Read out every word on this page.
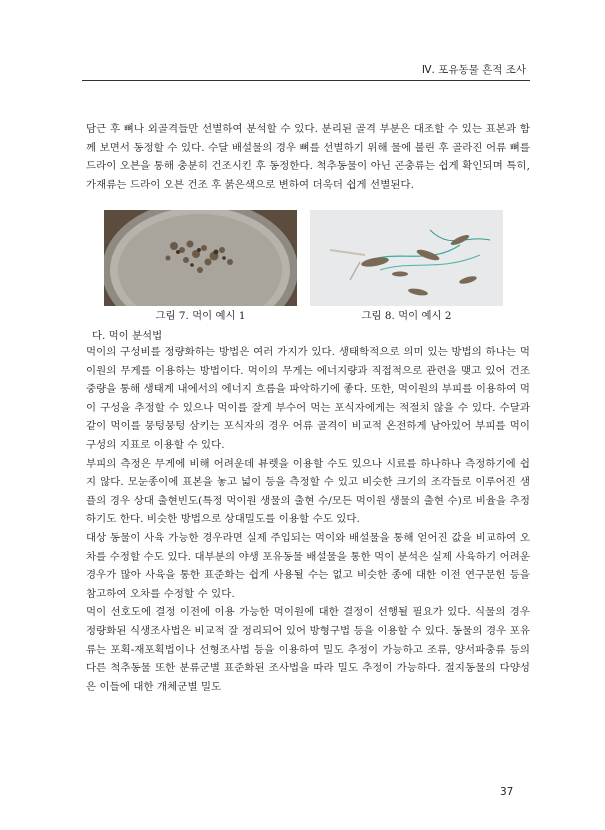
Ⅳ. 포유동물 흔적 조사

담근 후 뼈나 외골격들만 선별하여 분석할 수 있다. 분리된 골격 부분은 대조할 수 있는 표본과 함께 보면서 동정할 수 있다. 수달 배설물의 경우 뼈를 선별하기 위해 물에 불린 후 골라진 어류 뼈를 드라이 오븐을 통해 충분히 건조시킨 후 동정한다. 척추동물이 아닌 곤충류는 쉽게 확인되며 특히, 가재류는 드라이 오븐 건조 후 붉은색으로 변하여 더욱더 쉽게 선별된다.

그림 7. 먹이 예시 1	그림 8. 먹이 예시 2
다. 먹이 분석법

먹이의 구성비를 정량화하는 방법은 여러 가지가 있다. 생태학적으로 의미 있는 방법의 하나는 먹이원의 무게를 이용하는 방법이다. 먹이의 무게는 에너지량과 직접적으로 관련을 맺고 있어 건조 중량을 통해 생태계 내에서의 에너지 흐름을 파악하기에 좋다. 또한, 먹이원의 부피를 이용하여 먹이 구성을 추정할 수 있으나 먹이를 잘게 부수어 먹는 포식자에게는 적절치 않을 수 있다. 수달과 같이 먹이를 뭉텅뭉텅 삼키는 포식자의 경우 어류 골격이 비교적 온전하게 남아있어 부피를 먹이 구성의 지표로 이용할 수 있다.
부피의 측정은 무게에 비해 어려운데 뷰렛을 이용할 수도 있으나 시료를 하나하나 측정하기에 쉽지 않다. 모눈종이에 표본을 놓고 넓이 등을 측정할 수 있고 비슷한 크기의 조각들로 이루어진 샘플의 경우 상대 출현빈도(특정 먹이원 생물의 출현 수/모든 먹이원 생물의 출현 수)로 비율을 추정하기도 한다. 비슷한 방법으로 상대밀도를 이용할 수도 있다.
대상 동물이 사육 가능한 경우라면 실제 주입되는 먹이와 배설물을 통해 얻어진 값을 비교하여 오차를 수정할 수도 있다. 대부분의 야생 포유동물 배설물을 통한 먹이 분석은 실제 사육하기 어려운 경우가 많아 사육을 통한 표준화는 쉽게 사용될 수는 없고 비슷한 종에 대한 이전 연구문헌 등을 참고하여 오차를 수정할 수 있다.
먹이 선호도에 결정 이전에 이용 가능한 먹이원에 대한 결정이 선행될 필요가 있다. 식물의 경우 정량화된 식생조사법은 비교적 잘 정리되어 있어 방형구법 등을 이용할 수 있다. 동물의 경우 포유류는 포획-재포획법이나 선형조사법 등을 이용하여 밀도 추정이 가능하고 조류, 양서파충류 등의 다른 척추동물 또한 분류군별 표준화된 조사법을 따라 밀도 추정이 가능하다. 절지동물의 다양성은 이들에 대한 개체군별 밀도

37
